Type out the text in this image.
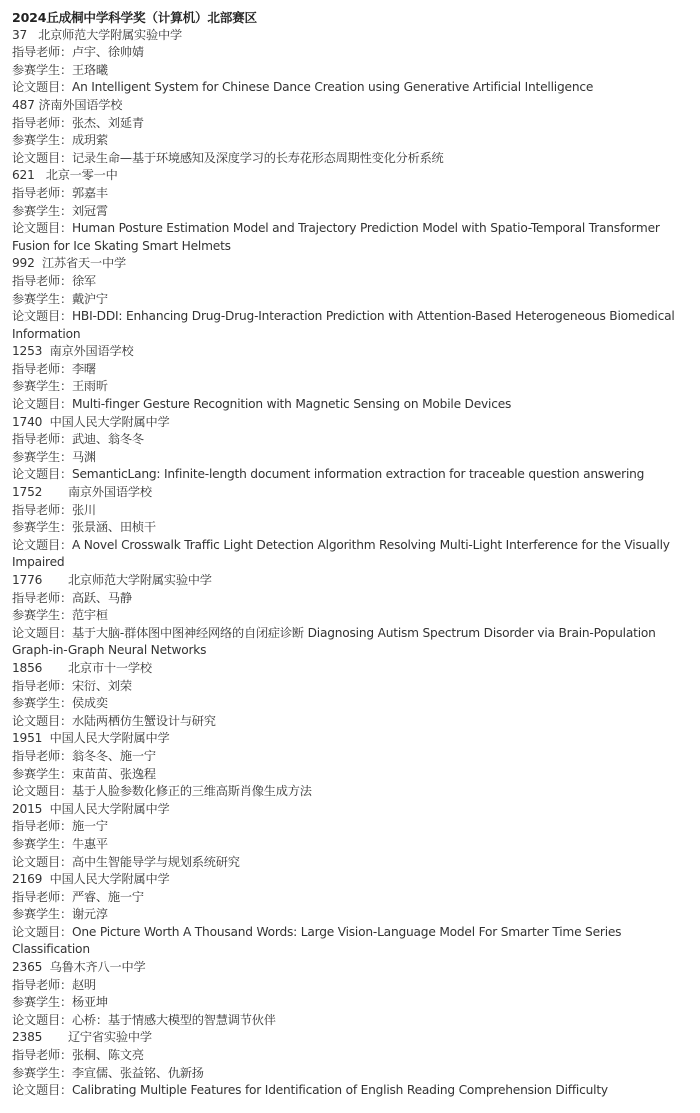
2024丘成桐中学科学奖（计算机）北部赛区
37 北京师范大学附属实验中学
指导老师：卢宇、徐帅婧
参赛学生：王珞曦
论文题目：An Intelligent System for Chinese Dance Creation using Generative Artificial Intelligence
487 济南外国语学校
指导老师：张杰、刘延青
参赛学生：成玥萦
论文题目：记录生命—基于环境感知及深度学习的长寿花形态周期性变化分析系统
621 北京一零一中
指导老师：郭嘉丰
参赛学生：刘冠霄
论文题目：Human Posture Estimation Model and Trajectory Prediction Model with Spatio-Temporal Transformer Fusion for Ice Skating Smart Helmets
992 江苏省天一中学
指导老师：徐军
参赛学生：戴沪宁
论文题目：HBI-DDI: Enhancing Drug-Drug-Interaction Prediction with Attention-Based Heterogeneous Biomedical Information
1253 南京外国语学校
指导老师：李曙
参赛学生：王雨昕
论文题目：Multi-finger Gesture Recognition with Magnetic Sensing on Mobile Devices
1740 中国人民大学附属中学
指导老师：武迪、翁冬冬
参赛学生：马渊
论文题目：SemanticLang: Infinite-length document information extraction for traceable question answering
1752 南京外国语学校
指导老师：张川
参赛学生：张景涵、田桢干
论文题目：A Novel Crosswalk Traffic Light Detection Algorithm Resolving Multi-Light Interference for the Visually Impaired
1776 北京师范大学附属实验中学
指导老师：高跃、马静
参赛学生：范宇桓
论文题目：基于大脑-群体图中图神经网络的自闭症诊断 Diagnosing Autism Spectrum Disorder via Brain-Population Graph-in-Graph Neural Networks
1856 北京市十一学校
指导老师：宋衍、刘荣
参赛学生：侯成奕
论文题目：水陆两栖仿生蟹设计与研究
1951 中国人民大学附属中学
指导老师：翁冬冬、施一宁
参赛学生：束苗苗、张逸程
论文题目：基于人脸参数化修正的三维高斯肖像生成方法
2015 中国人民大学附属中学
指导老师：施一宁
参赛学生：牛惠平
论文题目：高中生智能导学与规划系统研究
2169 中国人民大学附属中学
指导老师：严睿、施一宁
参赛学生：谢元淳
论文题目：One Picture Worth A Thousand Words: Large Vision-Language Model For Smarter Time Series Classification
2365 乌鲁木齐八一中学
指导老师：赵明
参赛学生：杨亚坤
论文题目：心桥：基于情感大模型的智慧调节伙伴
2385 辽宁省实验中学
指导老师：张桐、陈文亮
参赛学生：李宣儒、张益铭、仇新扬
论文题目：Calibrating Multiple Features for Identification of English Reading Comprehension Difficulty
